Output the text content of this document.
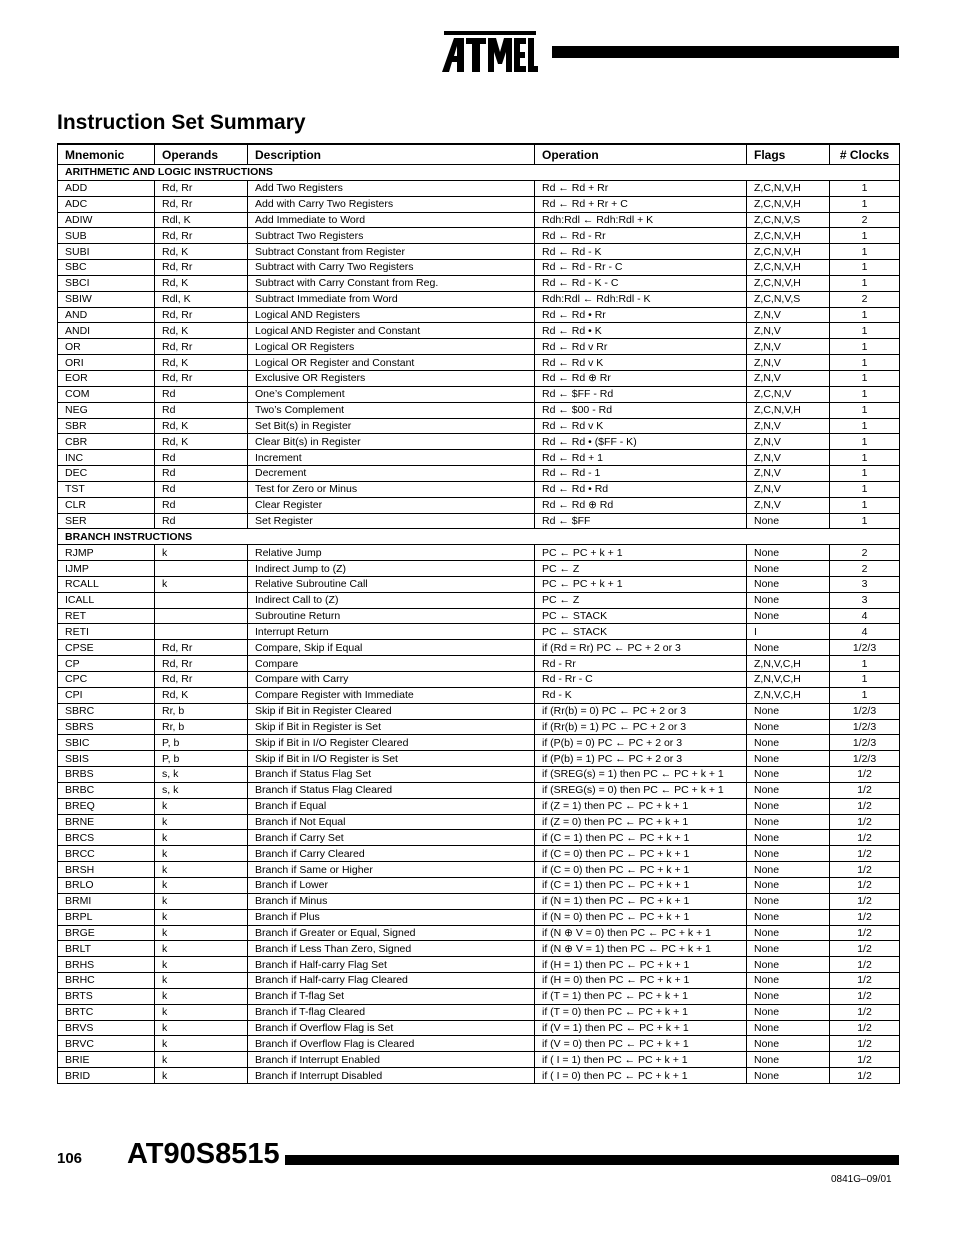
Instruction Set Summary
Mnemonic	Operands	Description	Operation	Flags	# Clocks
ARITHMETIC AND LOGIC INSTRUCTIONS					
ADD	Rd, Rr	Add Two Registers	Rd ← Rd + Rr	Z,C,N,V,H	1
ADC	Rd, Rr	Add with Carry Two Registers	Rd ← Rd + Rr + C	Z,C,N,V,H	1
ADIW	Rdl, K	Add Immediate to Word	Rdh:Rdl ← Rdh:Rdl + K	Z,C,N,V,S	2
SUB	Rd, Rr	Subtract Two Registers	Rd ← Rd - Rr	Z,C,N,V,H	1
SUBI	Rd, K	Subtract Constant from Register	Rd ← Rd - K	Z,C,N,V,H	1
SBC	Rd, Rr	Subtract with Carry Two Registers	Rd ← Rd - Rr - C	Z,C,N,V,H	1
SBCI	Rd, K	Subtract with Carry Constant from Reg.	Rd ← Rd - K - C	Z,C,N,V,H	1
SBIW	Rdl, K	Subtract Immediate from Word	Rdh:Rdl ← Rdh:Rdl - K	Z,C,N,V,S	2
AND	Rd, Rr	Logical AND Registers	Rd ← Rd • Rr	Z,N,V	1
ANDI	Rd, K	Logical AND Register and Constant	Rd ← Rd • K	Z,N,V	1
OR	Rd, Rr	Logical OR Registers	Rd ← Rd v Rr	Z,N,V	1
ORI	Rd, K	Logical OR Register and Constant	Rd ← Rd v K	Z,N,V	1
EOR	Rd, Rr	Exclusive OR Registers	Rd ← Rd ⊕ Rr	Z,N,V	1
COM	Rd	One’s Complement	Rd ← $FF - Rd	Z,C,N,V	1
NEG	Rd	Two’s Complement	Rd ← $00 - Rd	Z,C,N,V,H	1
SBR	Rd, K	Set Bit(s) in Register	Rd ← Rd v K	Z,N,V	1
CBR	Rd, K	Clear Bit(s) in Register	Rd ← Rd • ($FF - K)	Z,N,V	1
INC	Rd	Increment	Rd ← Rd + 1	Z,N,V	1
DEC	Rd	Decrement	Rd ← Rd - 1	Z,N,V	1
TST	Rd	Test for Zero or Minus	Rd ← Rd • Rd	Z,N,V	1
CLR	Rd	Clear Register	Rd ← Rd ⊕ Rd	Z,N,V	1
SER	Rd	Set Register	Rd ← $FF	None	1
BRANCH INSTRUCTIONS					
RJMP	k	Relative Jump	PC ← PC + k + 1	None	2
IJMP		Indirect Jump to (Z)	PC ← Z	None	2
RCALL	k	Relative Subroutine Call	PC ← PC + k + 1	None	3
ICALL		Indirect Call to (Z)	PC ← Z	None	3
RET		Subroutine Return	PC ← STACK	None	4
RETI		Interrupt Return	PC ← STACK	I	4
CPSE	Rd, Rr	Compare, Skip if Equal	if (Rd = Rr) PC ← PC + 2 or 3	None	1/2/3
CP	Rd, Rr	Compare	Rd - Rr	Z,N,V,C,H	1
CPC	Rd, Rr	Compare with Carry	Rd - Rr - C	Z,N,V,C,H	1
CPI	Rd, K	Compare Register with Immediate	Rd - K	Z,N,V,C,H	1
SBRC	Rr, b	Skip if Bit in Register Cleared	if (Rr(b) = 0) PC ← PC + 2 or 3	None	1/2/3
SBRS	Rr, b	Skip if Bit in Register is Set	if (Rr(b) = 1) PC ← PC + 2 or 3	None	1/2/3
SBIC	P, b	Skip if Bit in I/O Register Cleared	if (P(b) = 0) PC ← PC + 2 or 3	None	1/2/3
SBIS	P, b	Skip if Bit in I/O Register is Set	if (P(b) = 1) PC ← PC + 2 or 3	None	1/2/3
BRBS	s, k	Branch if Status Flag Set	if (SREG(s) = 1) then PC ← PC + k + 1	None	1/2
BRBC	s, k	Branch if Status Flag Cleared	if (SREG(s) = 0) then PC ← PC + k + 1	None	1/2
BREQ	k	Branch if Equal	if (Z = 1) then PC ← PC + k + 1	None	1/2
BRNE	k	Branch if Not Equal	if (Z = 0) then PC ← PC + k + 1	None	1/2
BRCS	k	Branch if Carry Set	if (C = 1) then PC ← PC + k + 1	None	1/2
BRCC	k	Branch if Carry Cleared	if (C = 0) then PC ← PC + k + 1	None	1/2
BRSH	k	Branch if Same or Higher	if (C = 0) then PC ← PC + k + 1	None	1/2
BRLO	k	Branch if Lower	if (C = 1) then PC ← PC + k + 1	None	1/2
BRMI	k	Branch if Minus	if (N = 1) then PC ← PC + k + 1	None	1/2
BRPL	k	Branch if Plus	if (N = 0) then PC ← PC + k + 1	None	1/2
BRGE	k	Branch if Greater or Equal, Signed	if (N ⊕ V = 0) then PC ← PC + k + 1	None	1/2
BRLT	k	Branch if Less Than Zero, Signed	if (N ⊕ V = 1) then PC ← PC + k + 1	None	1/2
BRHS	k	Branch if Half-carry Flag Set	if (H = 1) then PC ← PC + k + 1	None	1/2
BRHC	k	Branch if Half-carry Flag Cleared	if (H = 0) then PC ← PC + k + 1	None	1/2
BRTS	k	Branch if T-flag Set	if (T = 1) then PC ← PC + k + 1	None	1/2
BRTC	k	Branch if T-flag Cleared	if (T = 0) then PC ← PC + k + 1	None	1/2
BRVS	k	Branch if Overflow Flag is Set	if (V = 1) then PC ← PC + k + 1	None	1/2
BRVC	k	Branch if Overflow Flag is Cleared	if (V = 0) then PC ← PC + k + 1	None	1/2
BRIE	k	Branch if Interrupt Enabled	if ( I = 1) then PC ← PC + k + 1	None	1/2
BRID	k	Branch if Interrupt Disabled	if ( I = 0) then PC ← PC + k + 1	None	1/2
106 AT90S8515
0841G–09/01
